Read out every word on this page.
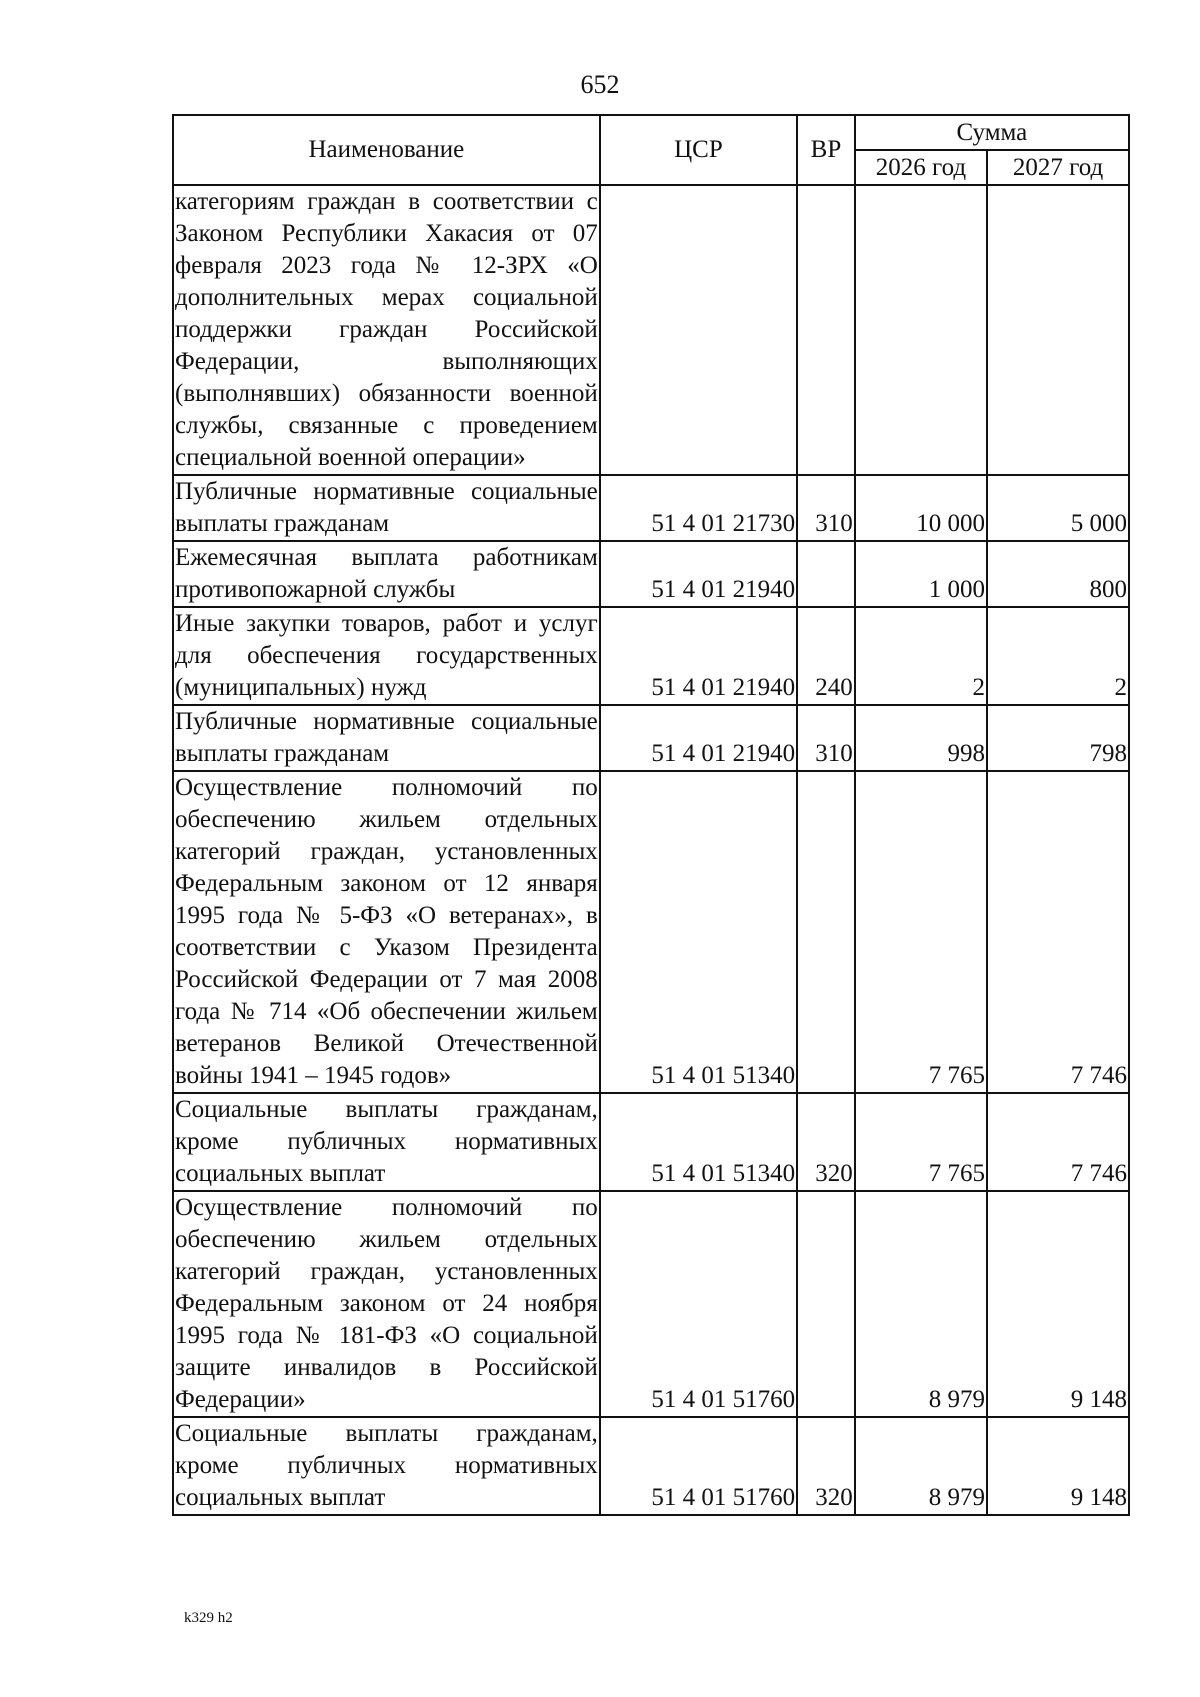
652
Наименование	ЦСР	ВР	Сумма	
			2026 год	2027 год
категориям граждан в соответствии с Законом Республики Хакасия от 07 февраля 2023 года № 12-ЗРХ «О дополнительных мерах социальной поддержки граждан Российской Федерации, выполняющих (выполнявших) обязанности военной службы, связанные с проведением специальной военной операции»				
Публичные нормативные социальные выплаты гражданам	51 4 01 21730	310	10 000	5 000
Ежемесячная выплата работникам противопожарной службы	51 4 01 21940		1 000	800
Иные закупки товаров, работ и услуг для обеспечения государственных (муниципальных) нужд	51 4 01 21940	240	2	2
Публичные нормативные социальные выплаты гражданам	51 4 01 21940	310	998	798
Осуществление полномочий по обеспечению жильем отдельных категорий граждан, установленных Федеральным законом от 12 января 1995 года № 5-ФЗ «О ветеранах», в соответствии с Указом Президента Российской Федерации от 7 мая 2008 года № 714 «Об обеспечении жильем ветеранов Великой Отечественной войны 1941 – 1945 годов»	51 4 01 51340		7 765	7 746
Социальные выплаты гражданам, кроме публичных нормативных социальных выплат	51 4 01 51340	320	7 765	7 746
Осуществление полномочий по обеспечению жильем отдельных категорий граждан, установленных Федеральным законом от 24 ноября 1995 года № 181-ФЗ «О социальной защите инвалидов в Российской Федерации»	51 4 01 51760		8 979	9 148
Социальные выплаты гражданам, кроме публичных нормативных социальных выплат	51 4 01 51760	320	8 979	9 148
k329 h2
